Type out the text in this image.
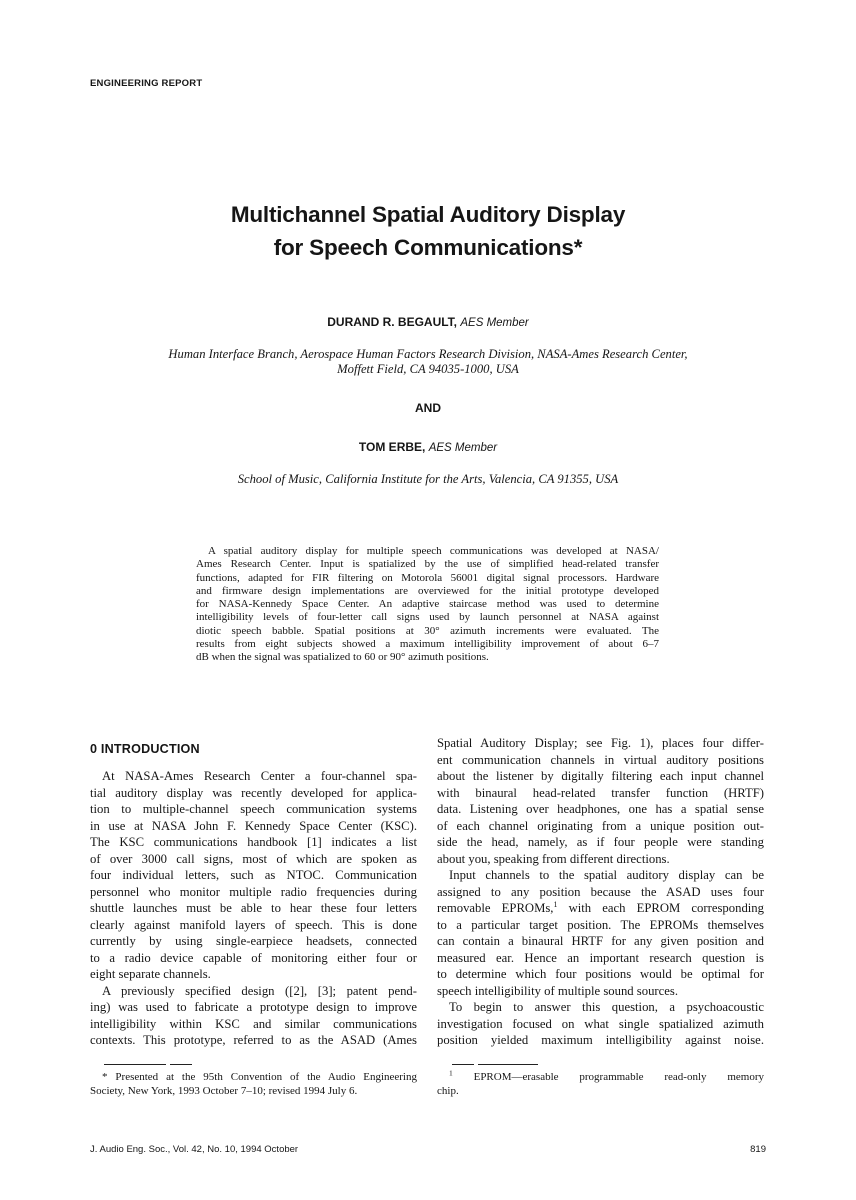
ENGINEERING REPORT
Multichannel Spatial Auditory Display
for Speech Communications*
DURAND R. BEGAULT, AES Member
Human Interface Branch, Aerospace Human Factors Research Division, NASA-Ames Research Center,
Moffett Field, CA 94035-1000, USA
AND
TOM ERBE, AES Member
School of Music, California Institute for the Arts, Valencia, CA 91355, USA
A spatial auditory display for multiple speech communications was developed at NASA/
Ames Research Center. Input is spatialized by the use of simplified head-related transfer
functions, adapted for FIR filtering on Motorola 56001 digital signal processors. Hardware
and firmware design implementations are overviewed for the initial prototype developed
for NASA-Kennedy Space Center. An adaptive staircase method was used to determine
intelligibility levels of four-letter call signs used by launch personnel at NASA against
diotic speech babble. Spatial positions at 30° azimuth increments were evaluated. The
results from eight subjects showed a maximum intelligibility improvement of about 6–7
dB when the signal was spatialized to 60 or 90° azimuth positions.
0 INTRODUCTION
At NASA-Ames Research Center a four-channel spa-
tial auditory display was recently developed for applica-
tion to multiple-channel speech communication systems
in use at NASA John F. Kennedy Space Center (KSC).
The KSC communications handbook [1] indicates a list
of over 3000 call signs, most of which are spoken as
four individual letters, such as NTOC. Communication
personnel who monitor multiple radio frequencies during
shuttle launches must be able to hear these four letters
clearly against manifold layers of speech. This is done
currently by using single-earpiece headsets, connected
to a radio device capable of monitoring either four or
eight separate channels.
A previously specified design ([2], [3]; patent pend-
ing) was used to fabricate a prototype design to improve
intelligibility within KSC and similar communications
contexts. This prototype, referred to as the ASAD (Ames
Spatial Auditory Display; see Fig. 1), places four differ-
ent communication channels in virtual auditory positions
about the listener by digitally filtering each input channel
with binaural head-related transfer function (HRTF)
data. Listening over headphones, one has a spatial sense
of each channel originating from a unique position out-
side the head, namely, as if four people were standing
about you, speaking from different directions.
Input channels to the spatial auditory display can be
assigned to any position because the ASAD uses four
removable EPROMs,$^1$ with each EPROM corresponding
to a particular target position. The EPROMs themselves
can contain a binaural HRTF for any given position and
measured ear. Hence an important research question is
to determine which four positions would be optimal for
speech intelligibility of multiple sound sources.
To begin to answer this question, a psychoacoustic
investigation focused on what single spatialized azimuth
position yielded maximum intelligibility against noise.
* Presented at the 95th Convention of the Audio Engineering
Society, New York, 1993 October 7–10; revised 1994 July 6.
$^1$ EPROM—erasable programmable read-only memory
chip.
J. Audio Eng. Soc., Vol. 42, No. 10, 1994 October	819
